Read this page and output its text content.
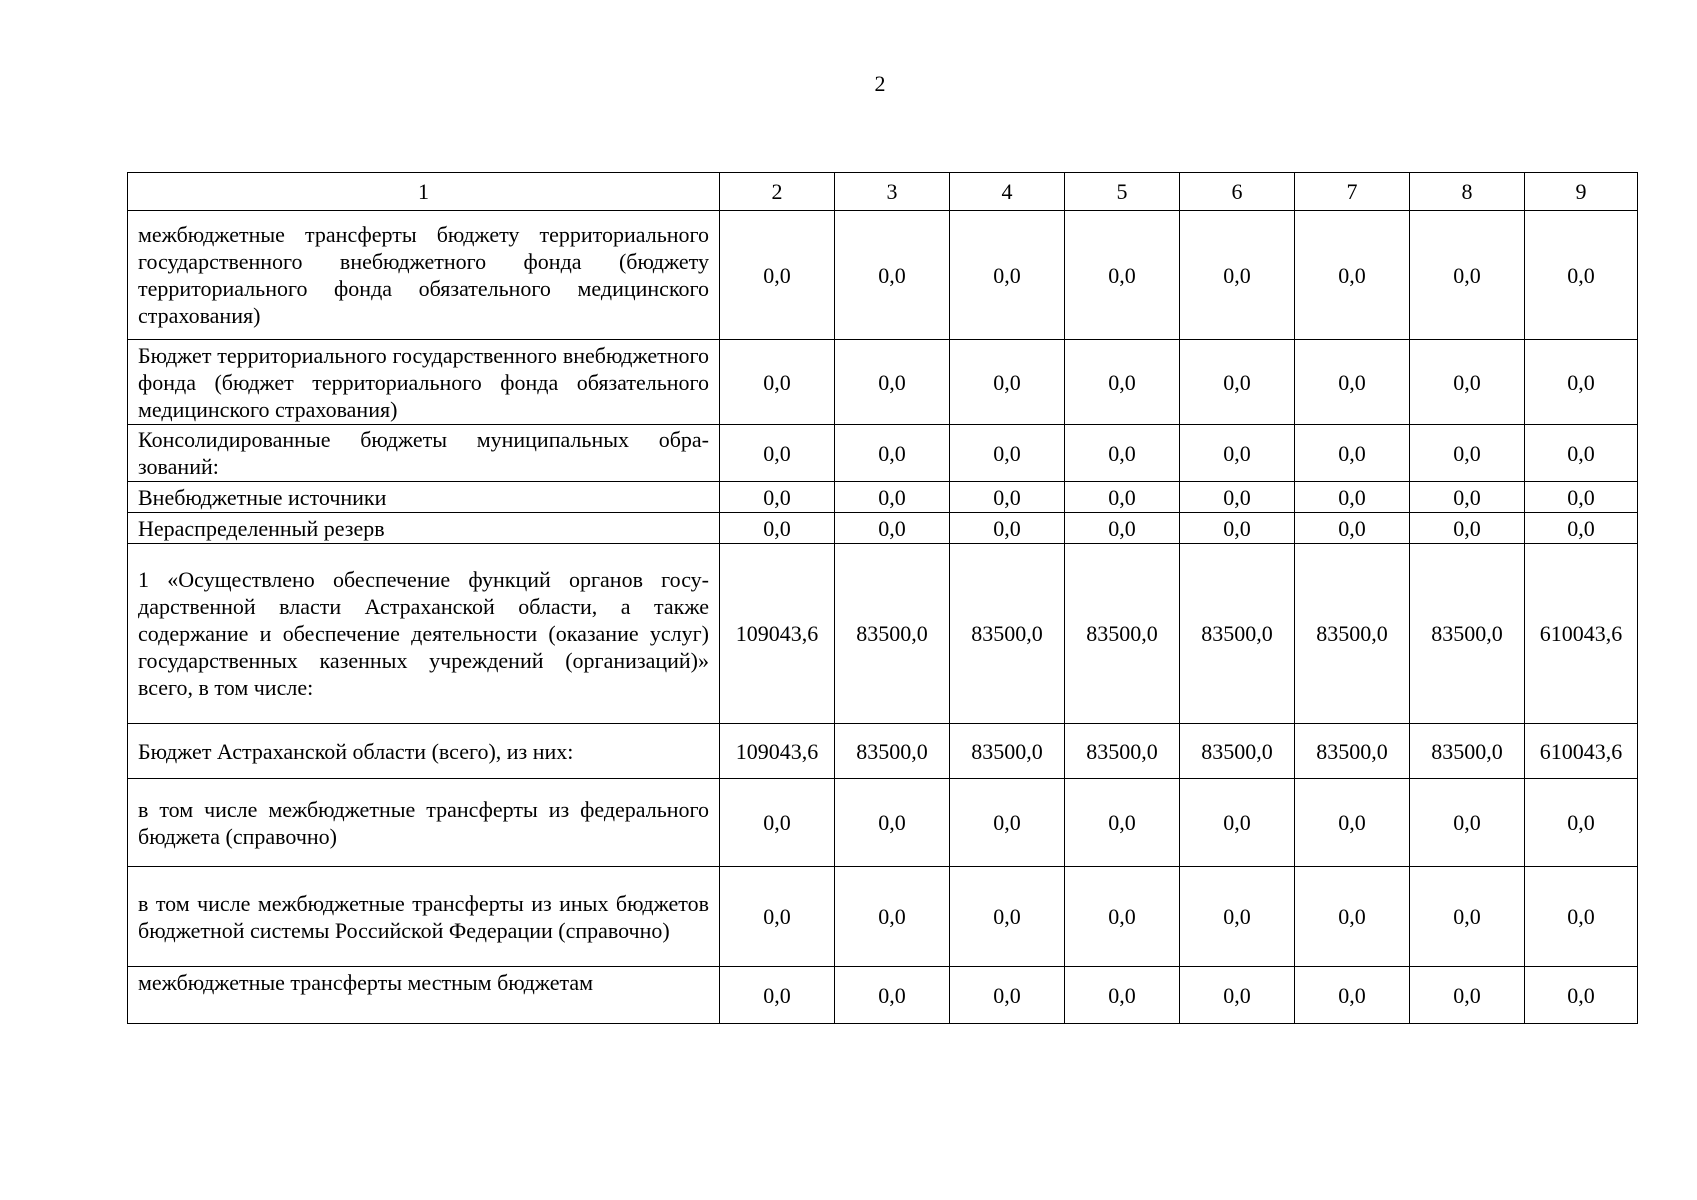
2
1	2	3	4	5	6	7	8	9
межбюджетные трансферты бюджету территориального государственного внебюджетного фонда (бюджету территориального фонда обязательного медицинского страхования)	0,0	0,0	0,0	0,0	0,0	0,0	0,0	0,0
Бюджет территориального государственного внебюджетного фонда (бюджет территориального фонда обязательного медицинского страхования)	0,0	0,0	0,0	0,0	0,0	0,0	0,0	0,0
Консолидированные бюджеты муниципальных образований:	0,0	0,0	0,0	0,0	0,0	0,0	0,0	0,0
Внебюджетные источники	0,0	0,0	0,0	0,0	0,0	0,0	0,0	0,0
Нераспределенный резерв	0,0	0,0	0,0	0,0	0,0	0,0	0,0	0,0
1 «Осуществлено обеспечение функций органов государственной власти Астраханской области, а также содержание и обеспечение деятельности (оказание услуг) государственных казенных учреждений (организаций)» всего, в том числе:	109043,6	83500,0	83500,0	83500,0	83500,0	83500,0	83500,0	610043,6
Бюджет Астраханской области (всего), из них:	109043,6	83500,0	83500,0	83500,0	83500,0	83500,0	83500,0	610043,6
в том числе межбюджетные трансферты из федерального бюджета (справочно)	0,0	0,0	0,0	0,0	0,0	0,0	0,0	0,0
в том числе межбюджетные трансферты из иных бюджетов бюджетной системы Российской Федерации (справочно)	0,0	0,0	0,0	0,0	0,0	0,0	0,0	0,0
межбюджетные трансферты местным бюджетам	0,0	0,0	0,0	0,0	0,0	0,0	0,0	0,0
